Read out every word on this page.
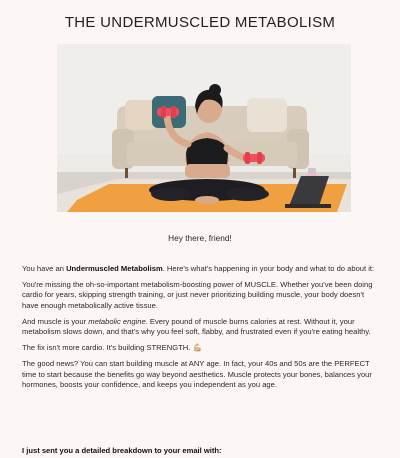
THE UNDERMUSCLED METABOLISM

Hey there, friend!

You have an Undermuscled Metabolism. Here's what's happening in your body and what to do about it:

You're missing the oh-so-important metabolism-boosting power of MUSCLE. Whether you've been doing cardio for years, skipping strength training, or just never prioritizing building muscle, your body doesn't have enough metabolically active tissue.

And muscle is your metabolic engine. Every pound of muscle burns calories at rest. Without it, your metabolism slows down, and that's why you feel soft, flabby, and frustrated even if you're eating healthy.

The fix isn't more cardio. It's building STRENGTH. 💪🏼

The good news? You can start building muscle at ANY age. In fact, your 40s and 50s are the PERFECT time to start because the benefits go way beyond aesthetics. Muscle protects your bones, balances your hormones, boosts your confidence, and keeps you independent as you age.

I just sent you a detailed breakdown to your email with:
